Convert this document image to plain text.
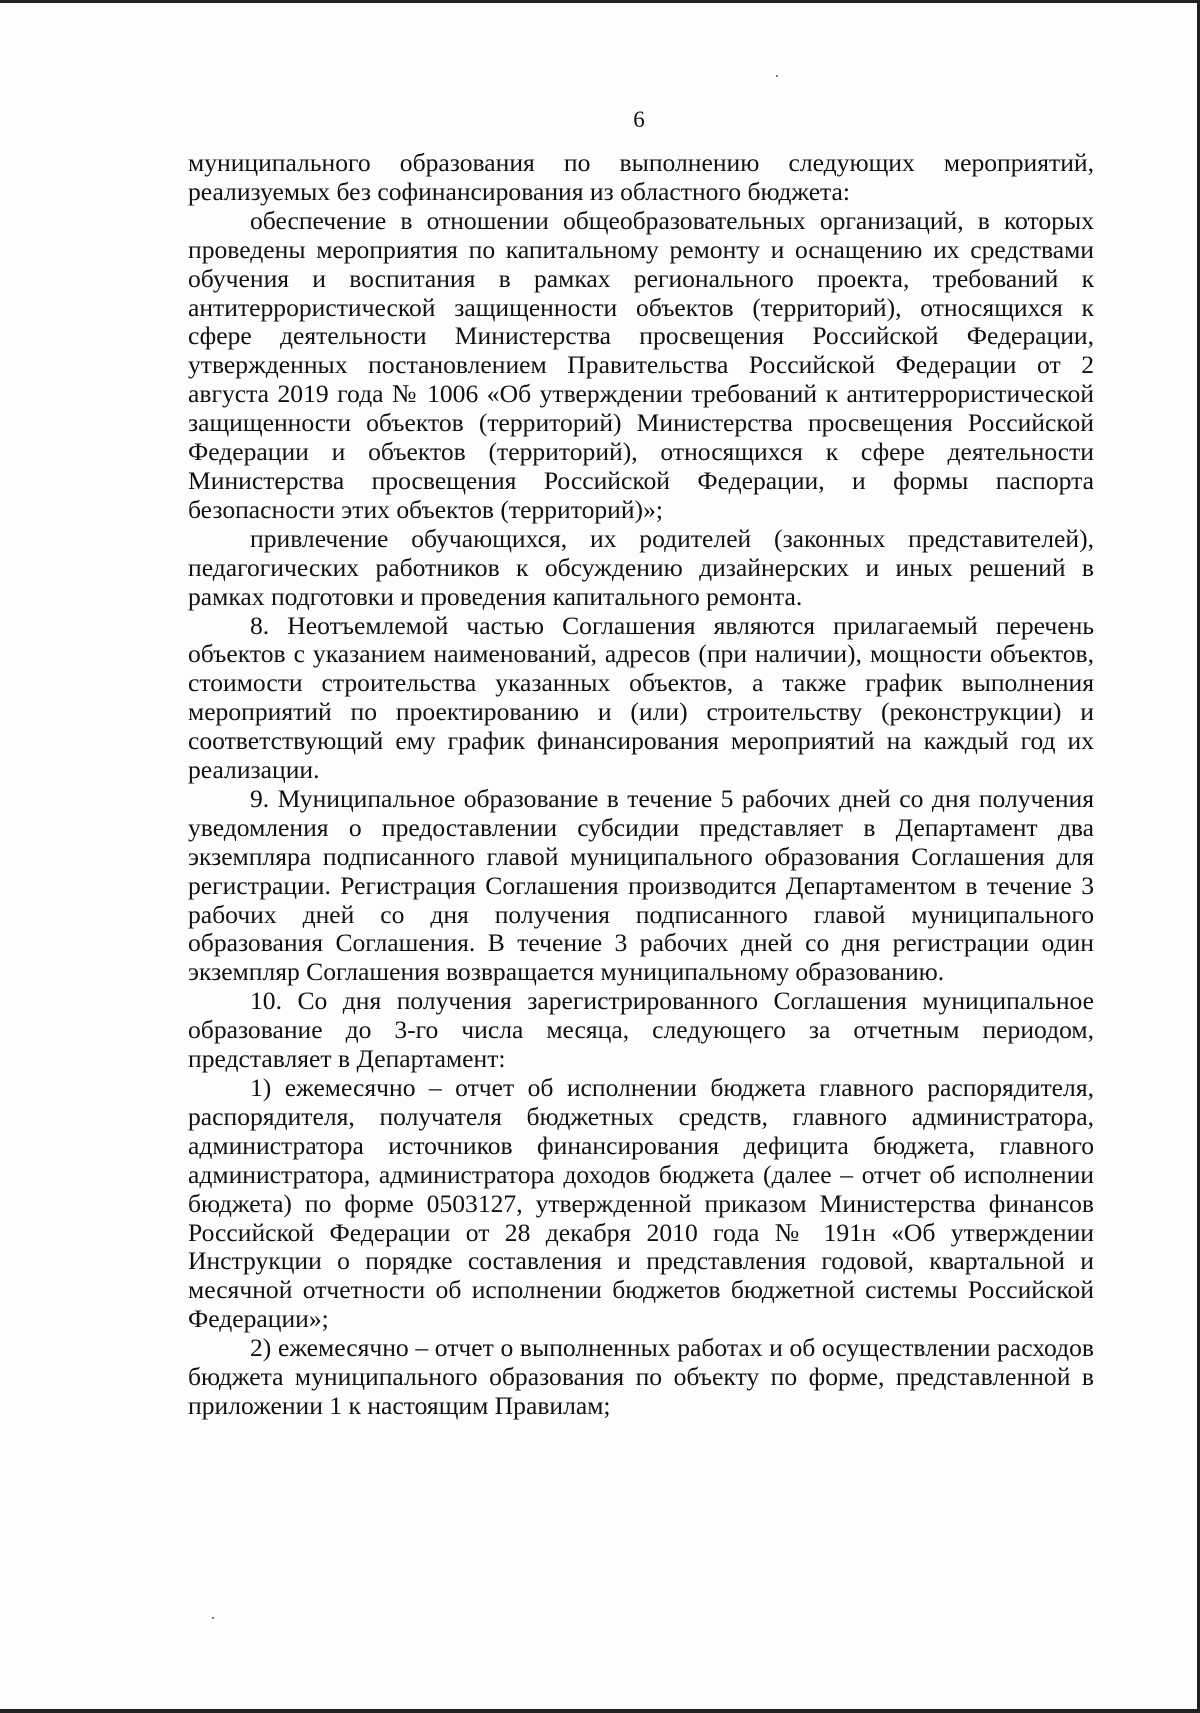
6

муниципального образования по выполнению следующих мероприятий, реализуемых без софинансирования из областного бюджета:

обеспечение в отношении общеобразовательных организаций, в которых проведены мероприятия по капитальному ремонту и оснащению их средствами обучения и воспитания в рамках регионального проекта, требований к антитеррористической защищенности объектов (территорий), относящихся к сфере деятельности Министерства просвещения Российской Федерации, утвержденных постановлением Правительства Российской Федерации от 2 августа 2019 года № 1006 «Об утверждении требований к антитеррористической защищенности объектов (территорий) Министерства просвещения Российской Федерации и объектов (территорий), относящихся к сфере деятельности Министерства просвещения Российской Федерации, и формы паспорта безопасности этих объектов (территорий)»;

привлечение обучающихся, их родителей (законных представителей), педагогических работников к обсуждению дизайнерских и иных решений в рамках подготовки и проведения капитального ремонта.

8. Неотъемлемой частью Соглашения являются прилагаемый перечень объектов с указанием наименований, адресов (при наличии), мощности объектов, стоимости строительства указанных объектов, а также график выполнения мероприятий по проектированию и (или) строительству (реконструкции) и соответствующий ему график финансирования мероприятий на каждый год их реализации.

9. Муниципальное образование в течение 5 рабочих дней со дня получения уведомления о предоставлении субсидии представляет в Департамент два экземпляра подписанного главой муниципального образования Соглашения для регистрации. Регистрация Соглашения производится Департаментом в течение 3 рабочих дней со дня получения подписанного главой муниципального образования Соглашения. В течение 3 рабочих дней со дня регистрации один экземпляр Соглашения возвращается муниципальному образованию.

10. Со дня получения зарегистрированного Соглашения муниципальное образование до 3-го числа месяца, следующего за отчетным периодом, представляет в Департамент:

1) ежемесячно – отчет об исполнении бюджета главного распорядителя, распорядителя, получателя бюджетных средств, главного администратора, администратора источников финансирования дефицита бюджета, главного администратора, администратора доходов бюджета (далее – отчет об исполнении бюджета) по форме 0503127, утвержденной приказом Министерства финансов Российской Федерации от 28 декабря 2010 года № 191н «Об утверждении Инструкции о порядке составления и представления годовой, квартальной и месячной отчетности об исполнении бюджетов бюджетной системы Российской Федерации»;

2) ежемесячно – отчет о выполненных работах и об осуществлении расходов бюджета муниципального образования по объекту по форме, представленной в приложении 1 к настоящим Правилам;
